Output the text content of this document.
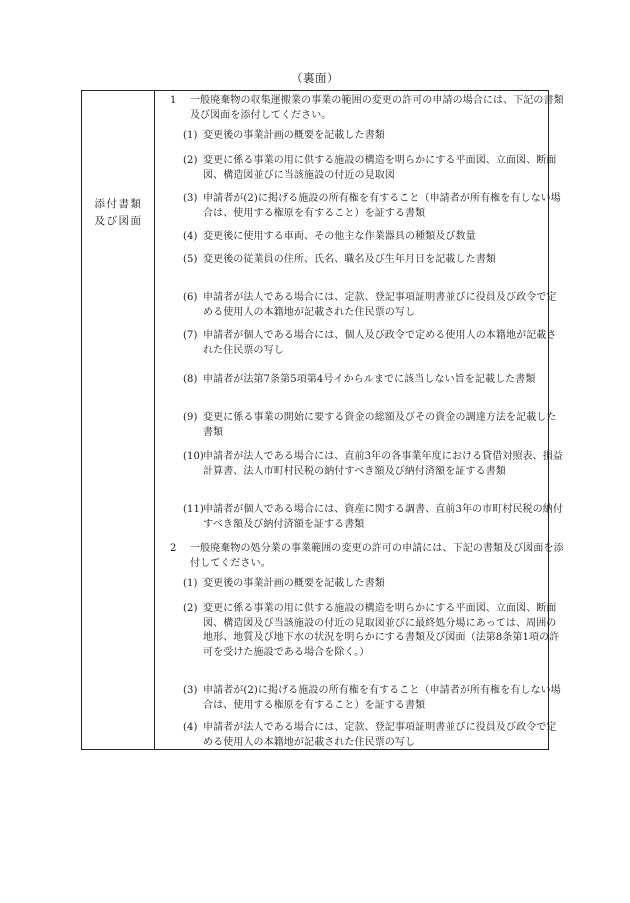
（裏面）
添付書類
及び図面
1 一般廃棄物の収集運搬業の事業の範囲の変更の許可の申請の場合には、下記の書類及び図面を添付してください。
(1) 変更後の事業計画の概要を記載した書類
(2) 変更に係る事業の用に供する施設の構造を明らかにする平面図、立面図、断面図、構造図並びに当該施設の付近の見取図
(3) 申請者が(2)に掲げる施設の所有権を有すること（申請者が所有権を有しない場合は、使用する権原を有すること）を証する書類
(4) 変更後に使用する車両、その他主な作業器具の種類及び数量
(5) 変更後の従業員の住所、氏名、職名及び生年月日を記載した書類
(6) 申請者が法人である場合には、定款、登記事項証明書並びに役員及び政令で定める使用人の本籍地が記載された住民票の写し
(7) 申請者が個人である場合には、個人及び政令で定める使用人の本籍地が記載された住民票の写し
(8) 申請者が法第7条第5項第4号イからルまでに該当しない旨を記載した書類
(9) 変更に係る事業の開始に要する資金の総額及びその資金の調達方法を記載した書類
(10)申請者が法人である場合には、直前3年の各事業年度における貸借対照表、損益計算書、法人市町村民税の納付すべき額及び納付済額を証する書類
(11)申請者が個人である場合には、資産に関する調書、直前3年の市町村民税の納付すべき額及び納付済額を証する書類
2 一般廃棄物の処分業の事業範囲の変更の許可の申請には、下記の書類及び図面を添付してください。
(1) 変更後の事業計画の概要を記載した書類
(2) 変更に係る事業の用に供する施設の構造を明らかにする平面図、立面図、断面図、構造図及び当該施設の付近の見取図並びに最終処分場にあっては、周囲の地形、地質及び地下水の状況を明らかにする書類及び図面（法第8条第1項の許可を受けた施設である場合を除く。）
(3) 申請者が(2)に掲げる施設の所有権を有すること（申請者が所有権を有しない場合は、使用する権原を有すること）を証する書類
(4) 申請者が法人である場合には、定款、登記事項証明書並びに役員及び政令で定める使用人の本籍地が記載された住民票の写し
